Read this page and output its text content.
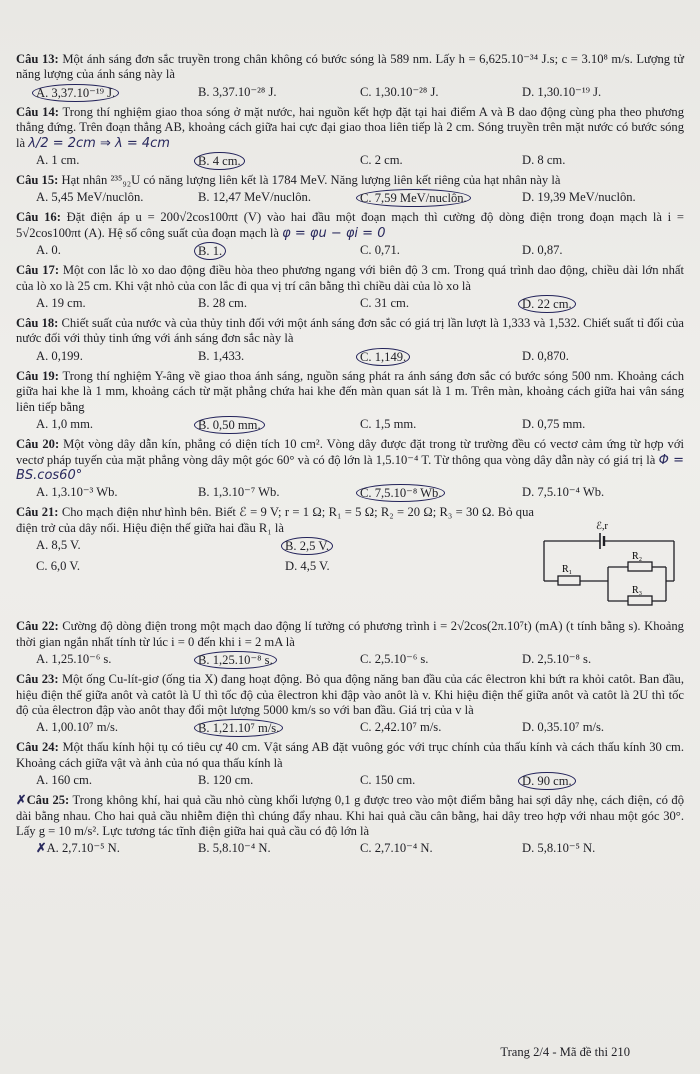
Câu 13: Một ánh sáng đơn sắc truyền trong chân không có bước sóng là 589 nm. Lấy h = 6,625.10⁻³⁴ J.s; c = 3.10⁸ m/s. Lượng tử năng lượng của ánh sáng này là

A. 3,37.10⁻¹⁹ J.	B. 3,37.10⁻²⁸ J.	C. 1,30.10⁻²⁸ J.	D. 1,30.10⁻¹⁹ J.

Câu 14: Trong thí nghiệm giao thoa sóng ở mặt nước, hai nguồn kết hợp đặt tại hai điểm A và B dao động cùng pha theo phương thẳng đứng. Trên đoạn thẳng AB, khoảng cách giữa hai cực đại giao thoa liên tiếp là 2 cm. Sóng truyền trên mặt nước có bước sóng là λ/2 = 2cm ⇒ λ = 4cm

A. 1 cm.	B. 4 cm.	C. 2 cm.	D. 8 cm.

Câu 15: Hạt nhân ²³⁵₉₂U có năng lượng liên kết là 1784 MeV. Năng lượng liên kết riêng của hạt nhân này là

A. 5,45 MeV/nuclôn.	B. 12,47 MeV/nuclôn.	C. 7,59 MeV/nuclôn.	D. 19,39 MeV/nuclôn.

Câu 16: Đặt điện áp u = 200√2cos100πt (V) vào hai đầu một đoạn mạch thì cường độ dòng điện trong đoạn mạch là i = 5√2cos100πt (A). Hệ số công suất của đoạn mạch là φ = φu − φi = 0

A. 0.	B. 1.	C. 0,71.	D. 0,87.

Câu 17: Một con lắc lò xo dao động điều hòa theo phương ngang với biên độ 3 cm. Trong quá trình dao động, chiều dài lớn nhất của lò xo là 25 cm. Khi vật nhỏ của con lắc đi qua vị trí cân bằng thì chiều dài của lò xo là

A. 19 cm.	B. 28 cm.	C. 31 cm.	D. 22 cm.

Câu 18: Chiết suất của nước và của thủy tinh đối với một ánh sáng đơn sắc có giá trị lần lượt là 1,333 và 1,532. Chiết suất tỉ đối của nước đối với thủy tinh ứng với ánh sáng đơn sắc này là

A. 0,199.	B. 1,433.	C. 1,149.	D. 0,870.

Câu 19: Trong thí nghiệm Y-âng về giao thoa ánh sáng, nguồn sáng phát ra ánh sáng đơn sắc có bước sóng 500 nm. Khoảng cách giữa hai khe là 1 mm, khoảng cách từ mặt phẳng chứa hai khe đến màn quan sát là 1 m. Trên màn, khoảng cách giữa hai vân sáng liên tiếp bằng

A. 1,0 mm.	B. 0,50 mm.	C. 1,5 mm.	D. 0,75 mm.

Câu 20: Một vòng dây dẫn kín, phẳng có diện tích 10 cm². Vòng dây được đặt trong từ trường đều có vectơ cảm ứng từ hợp với vectơ pháp tuyến của mặt phẳng vòng dây một góc 60° và có độ lớn là 1,5.10⁻⁴ T. Từ thông qua vòng dây dẫn này có giá trị là Φ = BS.cos60°

A. 1,3.10⁻³ Wb.	B. 1,3.10⁻⁷ Wb.	C. 7,5.10⁻⁸ Wb.	D. 7,5.10⁻⁴ Wb.

Câu 21: Cho mạch điện như hình bên. Biết ℰ = 9 V; r = 1 Ω; R₁ = 5 Ω; R₂ = 20 Ω; R₃ = 30 Ω. Bỏ qua điện trở của dây nối. Hiệu điện thế giữa hai đầu R₁ là

A. 8,5 V.	B. 2,5 V.
C. 6,0 V.	D. 4,5 V.
ℰ,r
R₁
R₂
R₃

Câu 22: Cường độ dòng điện trong một mạch dao động lí tưởng có phương trình i = 2√2cos(2π.10⁷t) (mA) (t tính bằng s). Khoảng thời gian ngắn nhất tính từ lúc i = 0 đến khi i = 2 mA là

A. 1,25.10⁻⁶ s.	B. 1,25.10⁻⁸ s.	C. 2,5.10⁻⁶ s.	D. 2,5.10⁻⁸ s.

Câu 23: Một ống Cu-lít-giơ (ống tia X) đang hoạt động. Bỏ qua động năng ban đầu của các êlectron khi bứt ra khỏi catôt. Ban đầu, hiệu điện thế giữa anôt và catôt là U thì tốc độ của êlectron khi đập vào anôt là v. Khi hiệu điện thế giữa anôt và catôt là 2U thì tốc độ của êlectron đập vào anôt thay đổi một lượng 5000 km/s so với ban đầu. Giá trị của v là

A. 1,00.10⁷ m/s.	B. 1,21.10⁷ m/s.	C. 2,42.10⁷ m/s.	D. 0,35.10⁷ m/s.

Câu 24: Một thấu kính hội tụ có tiêu cự 40 cm. Vật sáng AB đặt vuông góc với trục chính của thấu kính và cách thấu kính 30 cm. Khoảng cách giữa vật và ảnh của nó qua thấu kính là

A. 160 cm.	B. 120 cm.	C. 150 cm.	D. 90 cm.

✗Câu 25: Trong không khí, hai quả cầu nhỏ cùng khối lượng 0,1 g được treo vào một điểm bằng hai sợi dây nhẹ, cách điện, có độ dài bằng nhau. Cho hai quả cầu nhiễm điện thì chúng đẩy nhau. Khi hai quả cầu cân bằng, hai dây treo hợp với nhau một góc 30°. Lấy g = 10 m/s². Lực tương tác tĩnh điện giữa hai quả cầu có độ lớn là

✗A. 2,7.10⁻⁵ N.	B. 5,8.10⁻⁴ N.	C. 2,7.10⁻⁴ N.	D. 5,8.10⁻⁵ N.
Trang 2/4 - Mã đề thi 210
